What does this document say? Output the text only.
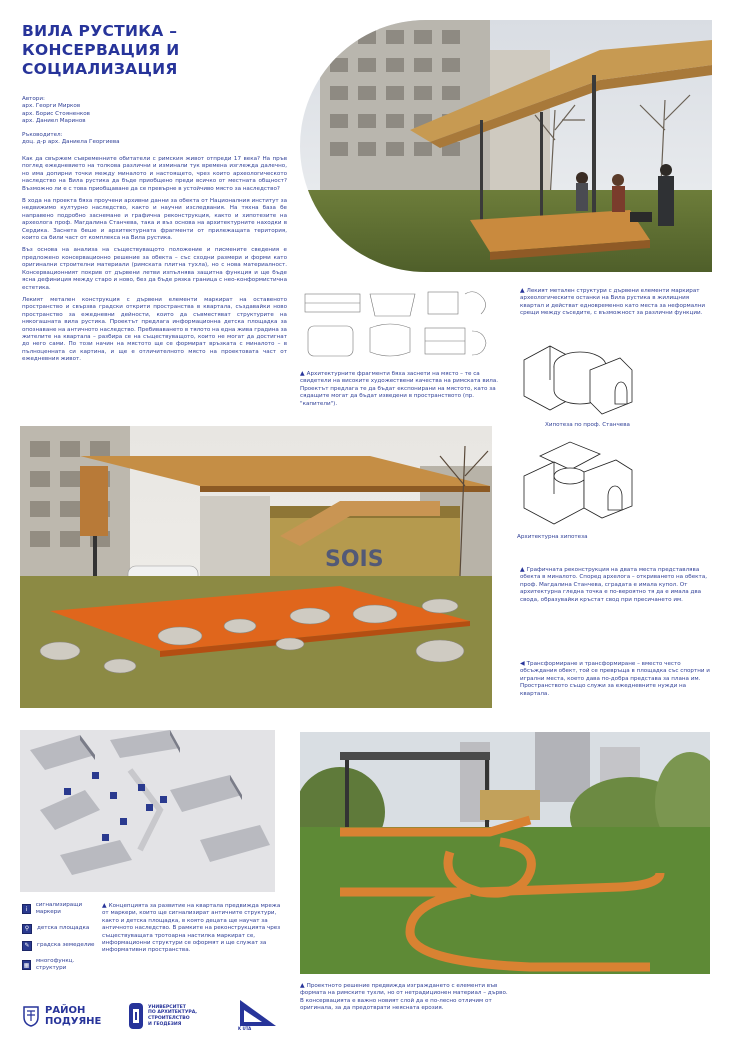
ВИЛА РУСТИКА –
КОНСЕРВАЦИЯ И
СОЦИАЛИЗАЦИЯ
Автори:
арх. Георги Мирков
арх. Борис Стояненков
арх. Даниел Маринов
Ръководител:
доц. д-р арх. Даниела Георгиева

Как да свържем съвременните обитатели с римския живот отпреди 17 века? На пръв поглед ежедневието на толкова различни и изминали тук времена изглежда далечно, но има допирни точки между миналото и настоящето, чрез които археологическото наследство на Вила рустика да бъде приобщено преди всичко от местната общност? Възможно ли е с това приобщаване да се превърне в устойчиво място за наследство?

В хода на проекта бяха проучени архивни данни за обекта от Националния институт за недвижимо културно наследство, както и научни изследвания. На тяхна база бе направено подробно заснемане и графична реконструкция, както и хипотезите на археолога проф. Магдалина Станчева, така и въз основа на архитектурните находки в Сердика. Заснета беше и архитектурната фрагменти от прилежащата територия, които са били част от комплекса на Вила рустика.

Въз основа на анализа на съществуващото положение и писмените сведения е предложено консервационно решение за обекта – със сходни размери и форми като оригинални строителни материали (римската плитна тухла), но с нова материалност. Консервационният покрив от дървени летви изпълнява защитна функция и ще бъде ясна дефиниция между старо и ново, без да бъде рязка граница с нео-конформистична естетика.

Лекият метален конструкция с дървени елементи маркират на оставеното пространство и свързва градски открити пространства в квартала, създавайки ново пространство за ежедневни дейности, които да съвместяват структурите на някогашната вила рустика. Проектът предлага информационна детска площадка за опознаване на античното наследство. Пребиваването в тялото на една жива градина за жителите на квартала – разбира се на съществуващото, които не могат да достигнат до него сами. По този начин на мястото ще се формират връзката с миналото – в пълноценната си картина, и ще е отличителното място на проектовата част от ежедневния живот.

▲ Лекият метален структури с дървени елементи маркират археологическите останки на Вила рустика в жилищния квартал и действат едновременно като места за неформални срещи между съседите, с възможност за различни функции.
▲ Архитектурните фрагменти бяха заснети на място – те са свидетели на високите художествени качества на римската вила. Проектът предлага те да бъдат експонирани на мястото, като за сядащите могат да бъдат изведени в пространството (пр. "капители").
Хипотеза по проф. Станчева
Архитектурна хипотеза
▲ Графичната реконструкция на двата места представлява обекта в миналото. Според архелога – откриването на обекта, проф. Магдалина Станчева, сградата е имала купол. От архитектурна гледна точка е по-вероятно тя да е имала два свода, образувайки кръстат свод при пресичането им.
◀ Трансформиране и трансформиране – вместо често обсъждания обект, той се превръща в площадка със спортни и игрални места, което дава по-добра представа за плана им. Пространството също служи за ежедневните нужди на квартала.
SOIS
i
сигнализиращи маркери
⚲	детска площадка
✎	градска земеделие
▦
многофункц. структури
▲ Концепцията за развитие на квартала предвижда мрежа от маркери, които ще сигнализират античните структури, както и детска площадка, в която децата ще научат за античното наследство. В рамките на реконструкцията чрез съществуващата тротоарна настилка маркират се, информационни структури се оформят и ще служат за информативни пространства.
▲ Проектното решение предвижда изграждането с елементи във формата на римските тухли, но от нетрадиционен материал – дърво. В консервацията е важно новият слой да е по-лесно отличим от оригинала, за да предотврати неясната ерозия.
РАЙОН
ПОДУЯНЕ
УНИВЕРСИТЕТ
ПО АРХИТЕКТУРА,
СТРОИТЕЛСТВО
И ГЕОДЕЗИЯ
K UTA
